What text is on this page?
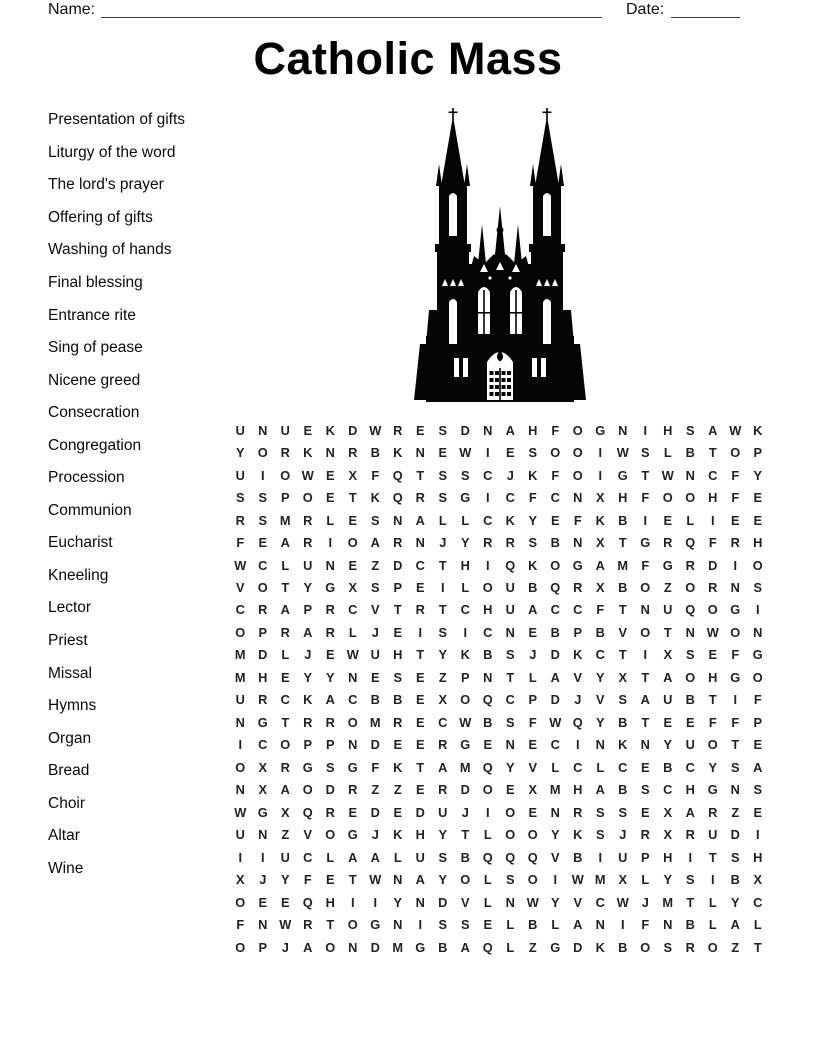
Name:	Date:
Catholic Mass
Presentation of gifts
Liturgy of the word
The lord's prayer
Offering of gifts
Washing of hands
Final blessing
Entrance rite
Sing of pease
Nicene greed
Consecration
Congregation
Procession
Communion
Eucharist
Kneeling
Lector
Priest
Missal
Hymns
Organ
Bread
Choir
Altar
Wine
U	N	U	E	K	D W R	E	S	D	N	A	H	F	O G	N	I	H	S	A W K
Y	O	R	K	N	R	B	K	N	E W	I	E	S	O O	I	W S	L	B	T	O	P
U	I	O W E	X	F	Q	T	S	S	C	J	K	F	O	I	G	T W N	C	F	Y
S	S	P	O	E	T	K	Q	R	S	G	I	C	F	C	N	X	H	F	O O	H	F	E
R	S	M R	L	E	S	N	A	L	L	C	K	Y	E	F	K	B	I	E	L	I	E	E
F	E	A	R	I	O	A	R	N	J	Y	R	R	S	B	N	X	T	G	R	Q	F	R	H
W C	L	U	N	E	Z	D	C	T	H	I	Q	K	O G	A M	F	G	R	D	I	O
V	O	T	Y	G	X	S	P	E	I	L	O	U	B	Q	R	X	B	O	Z	O	R	N	S
C	R	A	P	R	C	V	T	R	T	C	H	U	A	C	C	F	T	N	U	Q O G	I
O	P	R	A	R	L	J	E	I	S	I	C	N	E	B	P	B	V	O	T	N W O	N
M D	L	J	E W U	H	T	Y	K	B	S	J	D	K	C	T	I	X	S	E	F	G
M H	E	Y	Y	N	E	S	E	Z	P	N	T	L	A	V	Y	X	T	A	O	H	G O
U	R	C	K	A	C	B	B	E	X	O Q	C	P	D	J	V	S	A	U	B	T	I	F
N	G	T	R	R	O M R	E	C W B	S	F W Q	Y	B	T	E	E	F	F	P
I	C	O	P	P	N	D	E	E	R	G	E	N	E	C	I	N	K	N	Y	U	O	T	E
O	X	R	G	S	G	F	K	T	A M Q	Y	V	L	C	L	C	E	B	C	Y	S	A
N	X	A	O	D	R	Z	Z	E	R	D	O	E	X	M H	A	B	S	C	H	G	N	S
W G	X	Q	R	E	D	E	D	U	J	I	O	E	N	R	S	S	E	X	A	R	Z	E
U	N	Z	V	O G	J	K	H	Y	T	L	O O	Y	K	S	J	R	X	R	U	D	I
I	I	U	C	L	A	A	L	U	S	B	Q Q Q	V	B	I	U	P	H	I	T	S	H
X	J	Y	F	E	T W N	A	Y	O	L	S	O	I	W M	X	L	Y	S	I	B	X
O	E	E	Q	H	I	I	Y	N	D	V	L	N W Y	V	C W	J	M	T	L	Y	C
F	N W R	T	O G	N	I	S	S	E	L	B	L	A	N	I	F	N	B	L	A	L
O	P	J	A	O	N	D M G	B	A	Q	L	Z	G	D	K	B	O	S	R	O	Z	T
